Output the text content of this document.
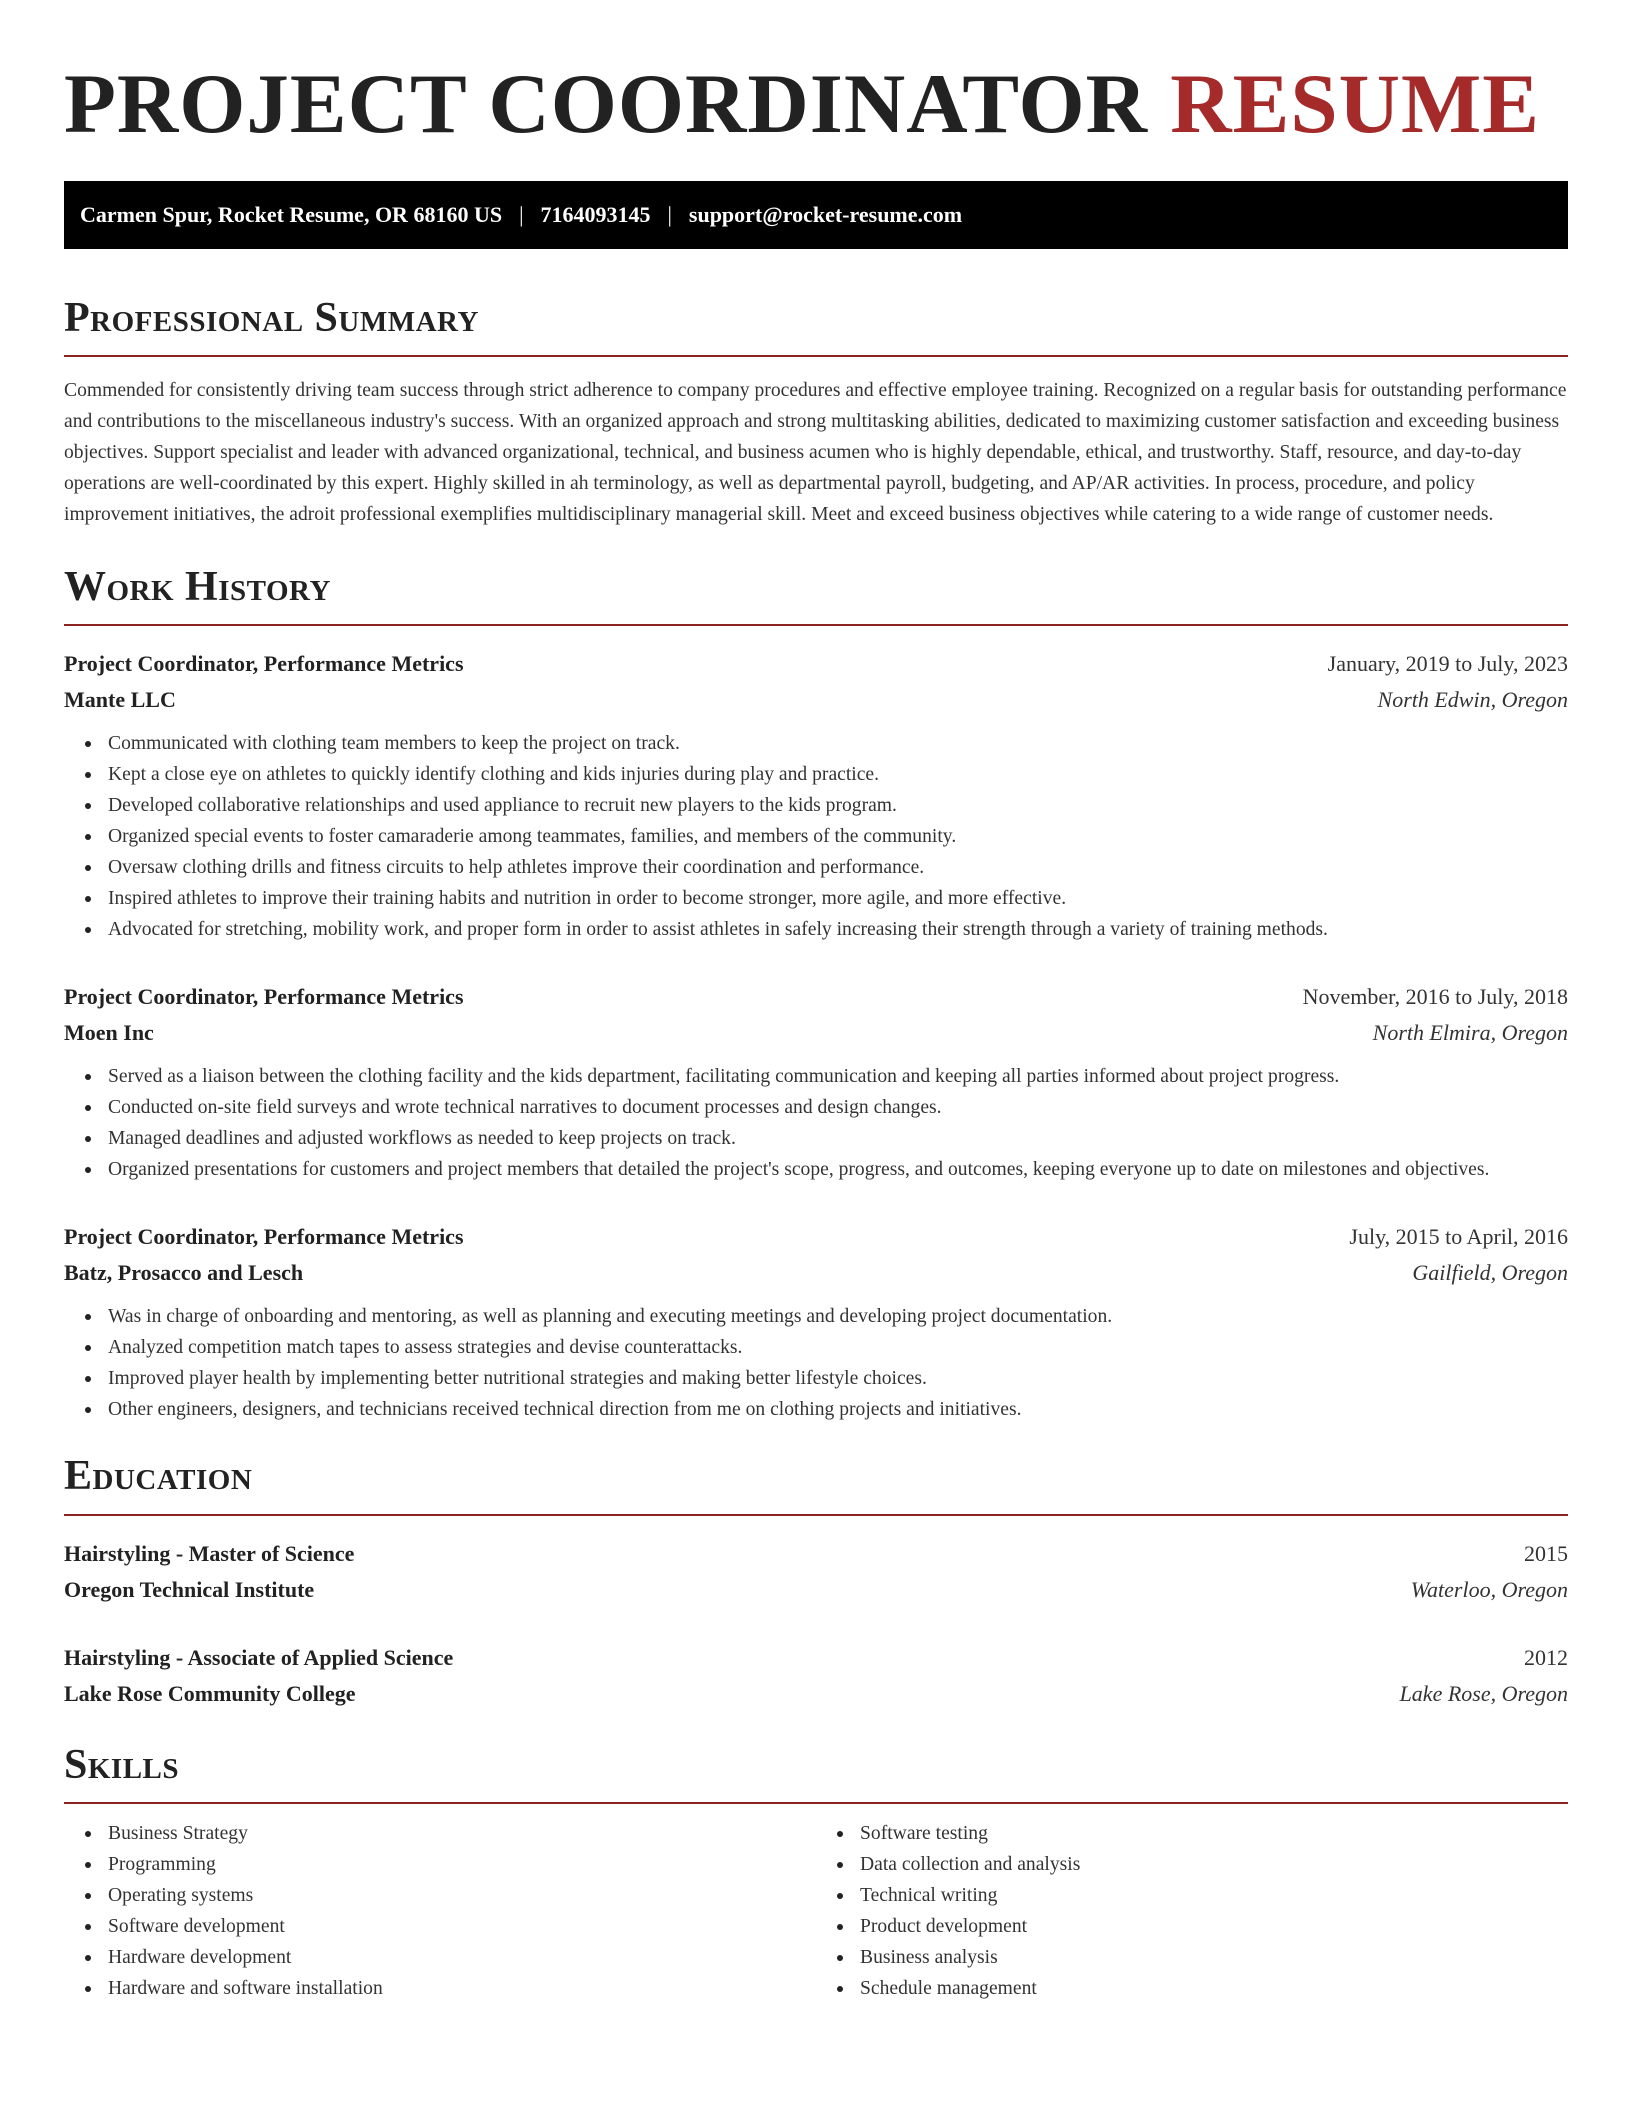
PROJECT COORDINATOR RESUME
Carmen Spur, Rocket Resume, OR 68160 US | 7164093145 | support@rocket-resume.com
Professional Summary

Commended for consistently driving team success through strict adherence to company procedures and effective employee training. Recognized on a regular basis for outstanding performance and contributions to the miscellaneous industry's success. With an organized approach and strong multitasking abilities, dedicated to maximizing customer satisfaction and exceeding business objectives. Support specialist and leader with advanced organizational, technical, and business acumen who is highly dependable, ethical, and trustworthy. Staff, resource, and day-to-day operations are well-coordinated by this expert. Highly skilled in ah terminology, as well as departmental payroll, budgeting, and AP/AR activities. In process, procedure, and policy improvement initiatives, the adroit professional exemplifies multidisciplinary managerial skill. Meet and exceed business objectives while catering to a wide range of customer needs.

Work History
Project Coordinator, Performance Metrics	January, 2019 to July, 2023
Mante LLC	North Edwin, Oregon
Communicated with clothing team members to keep the project on track.
Kept a close eye on athletes to quickly identify clothing and kids injuries during play and practice.
Developed collaborative relationships and used appliance to recruit new players to the kids program.
Organized special events to foster camaraderie among teammates, families, and members of the community.
Oversaw clothing drills and fitness circuits to help athletes improve their coordination and performance.
Inspired athletes to improve their training habits and nutrition in order to become stronger, more agile, and more effective.
Advocated for stretching, mobility work, and proper form in order to assist athletes in safely increasing their strength through a variety of training methods.
Project Coordinator, Performance Metrics	November, 2016 to July, 2018
Moen Inc	North Elmira, Oregon
Served as a liaison between the clothing facility and the kids department, facilitating communication and keeping all parties informed about project progress.
Conducted on-site field surveys and wrote technical narratives to document processes and design changes.
Managed deadlines and adjusted workflows as needed to keep projects on track.
Organized presentations for customers and project members that detailed the project's scope, progress, and outcomes, keeping everyone up to date on milestones and objectives.
Project Coordinator, Performance Metrics	July, 2015 to April, 2016
Batz, Prosacco and Lesch	Gailfield, Oregon
Was in charge of onboarding and mentoring, as well as planning and executing meetings and developing project documentation.
Analyzed competition match tapes to assess strategies and devise counterattacks.
Improved player health by implementing better nutritional strategies and making better lifestyle choices.
Other engineers, designers, and technicians received technical direction from me on clothing projects and initiatives.
Education
Hairstyling - Master of Science	2015
Oregon Technical Institute	Waterloo, Oregon
Hairstyling - Associate of Applied Science	2012
Lake Rose Community College	Lake Rose, Oregon
Skills
Business Strategy
Programming
Operating systems
Software development
Hardware development
Hardware and software installation
Software testing
Data collection and analysis
Technical writing
Product development
Business analysis
Schedule management
